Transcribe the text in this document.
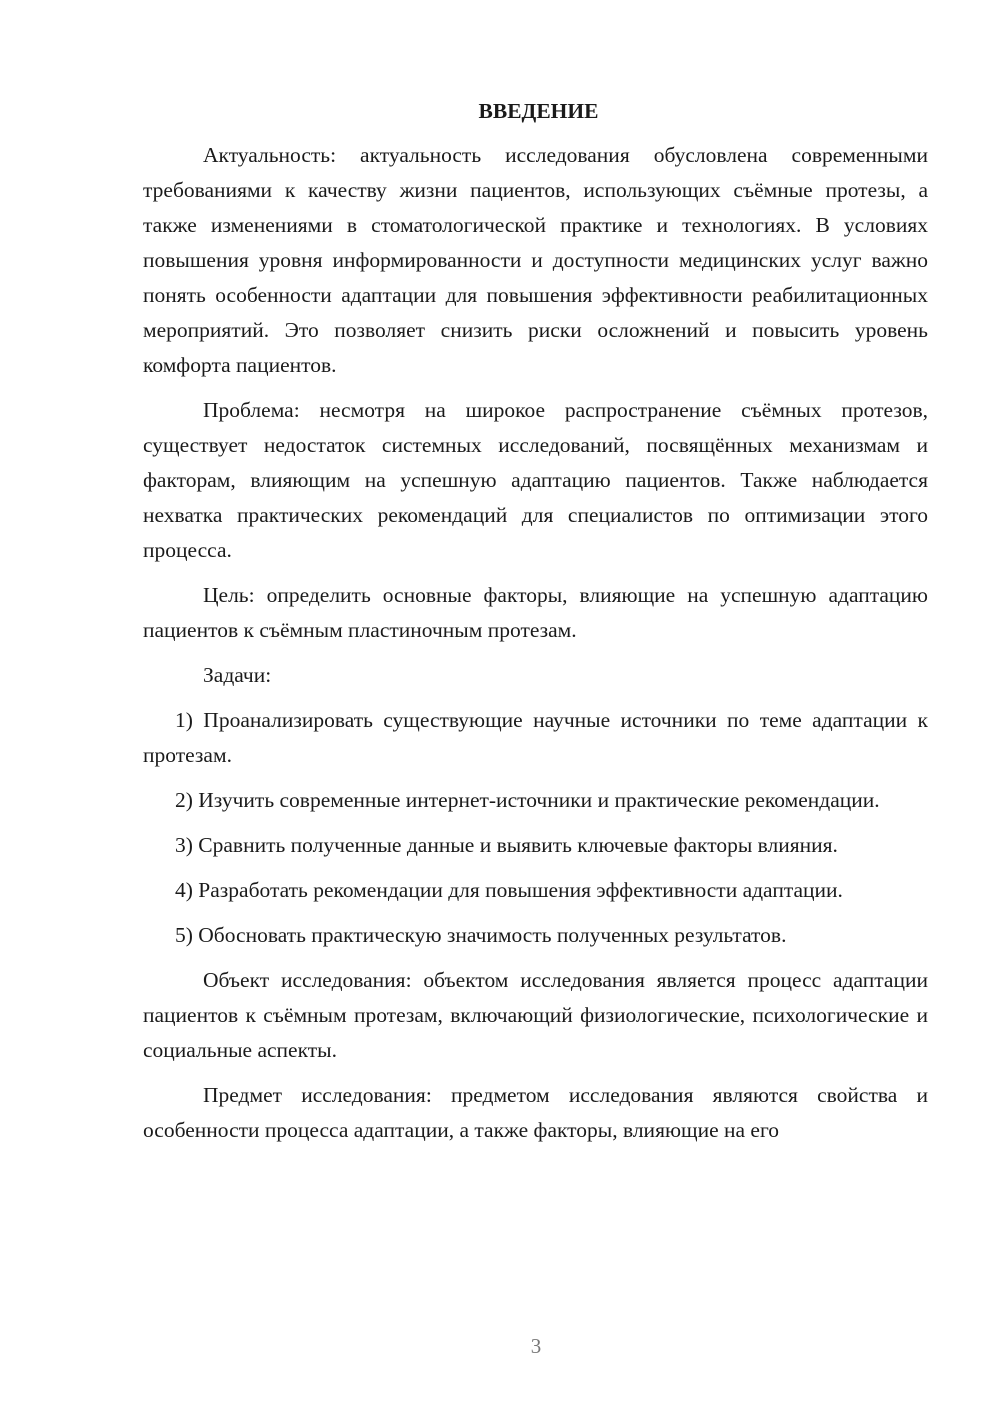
ВВЕДЕНИЕ

Актуальность: актуальность исследования обусловлена современными требованиями к качеству жизни пациентов, использующих съёмные протезы, а также изменениями в стоматологической практике и технологиях. В условиях повышения уровня информированности и доступности медицинских услуг важно понять особенности адаптации для повышения эффективности реабилитационных мероприятий. Это позволяет снизить риски осложнений и повысить уровень комфорта пациентов.

Проблема: несмотря на широкое распространение съёмных протезов, существует недостаток системных исследований, посвящённых механизмам и факторам, влияющим на успешную адаптацию пациентов. Также наблюдается нехватка практических рекомендаций для специалистов по оптимизации этого процесса.

Цель: определить основные факторы, влияющие на успешную адаптацию пациентов к съёмным пластиночным протезам.

Задачи:

1) Проанализировать существующие научные источники по теме адаптации к протезам.

2) Изучить современные интернет-источники и практические рекомендации.

3) Сравнить полученные данные и выявить ключевые факторы влияния.

4) Разработать рекомендации для повышения эффективности адаптации.

5) Обосновать практическую значимость полученных результатов.

Объект исследования: объектом исследования является процесс адаптации пациентов к съёмным протезам, включающий физиологические, психологические и социальные аспекты.

Предмет исследования: предметом исследования являются свойства и особенности процесса адаптации, а также факторы, влияющие на его

3
